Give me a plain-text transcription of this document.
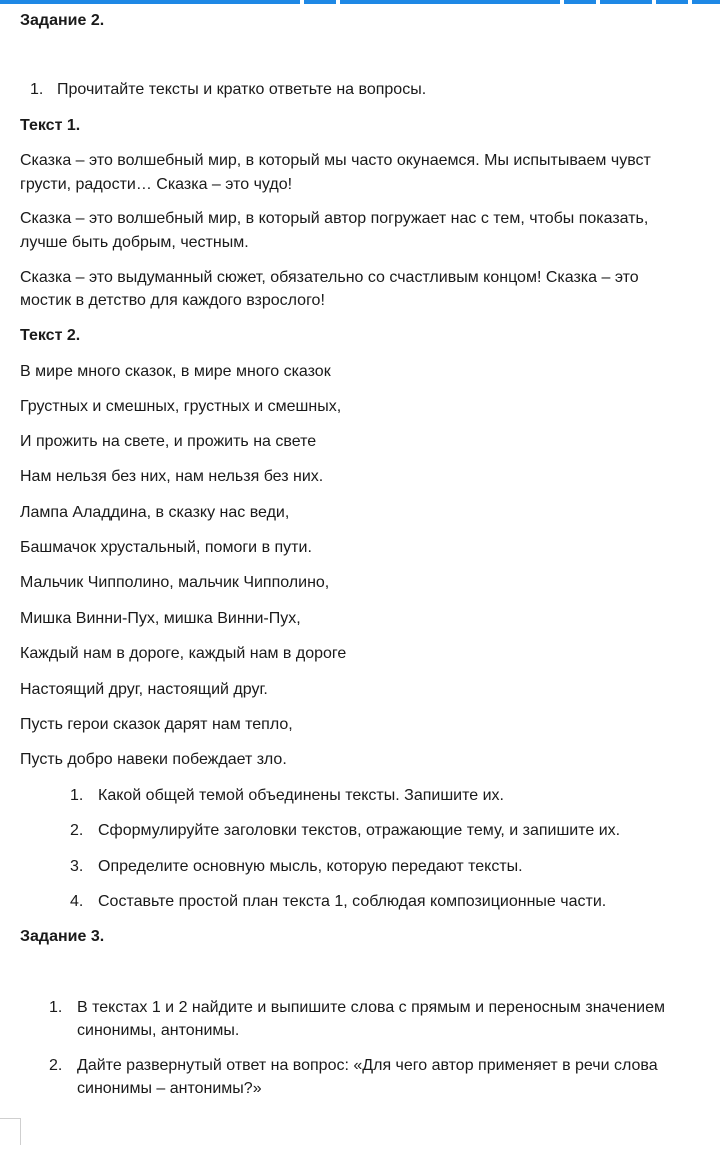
Задание 2.
1. Прочитайте тексты и кратко ответьте на вопросы.
Текст 1.
Сказка – это волшебный мир, в который мы часто окунаемся. Мы испытываем чувст
грусти, радости… Сказка – это чудо!
Сказка – это волшебный мир, в который автор погружает нас с тем, чтобы показать,
лучше быть добрым, честным.
Сказка – это выдуманный сюжет, обязательно со счастливым концом! Сказка – это
мостик в детство для каждого взрослого!
Текст 2.
В мире много сказок, в мире много сказок
Грустных и смешных, грустных и смешных,
И прожить на свете, и прожить на свете
Нам нельзя без них, нам нельзя без них.
Лампа Аладдина, в сказку нас веди,
Башмачок хрустальный, помоги в пути.
Мальчик Чипполино, мальчик Чипполино,
Мишка Винни-Пух, мишка Винни-Пух,
Каждый нам в дороге, каждый нам в дороге
Настоящий друг, настоящий друг.
Пусть герои сказок дарят нам тепло,
Пусть добро навеки побеждает зло.
1. Какой общей темой объединены тексты. Запишите их.
2. Сформулируйте заголовки текстов, отражающие тему, и запишите их.
3. Определите основную мысль, которую передают тексты.
4. Составьте простой план текста 1, соблюдая композиционные части.
Задание 3.
1. В текстах 1 и 2 найдите и выпишите слова с прямым и переносным значением
синонимы, антонимы.
2. Дайте развернутый ответ на вопрос: «Для чего автор применяет в речи слова
синонимы – антонимы?»
